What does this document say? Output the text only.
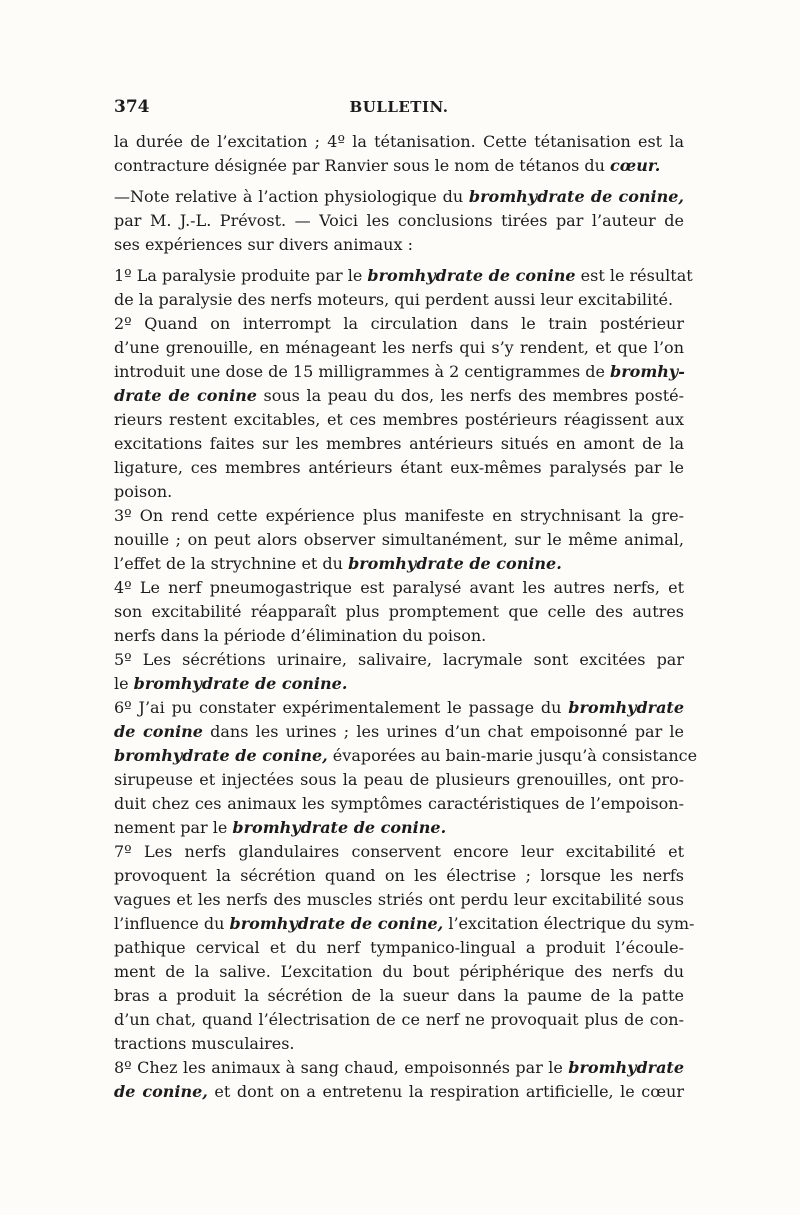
374	BULLETIN.
la durée de l’excitation ; 4º la tétanisation. Cette tétanisation est la
contracture désignée par Ranvier sous le nom de tétanos du cœur.
—Note relative à l’action physiologique du bromhydrate de conine,
par M. J.-L. Prévost. — Voici les conclusions tirées par l’auteur de
ses expériences sur divers animaux :
1º La paralysie produite par le bromhydrate de conine est le résultat
de la paralysie des nerfs moteurs, qui perdent aussi leur excitabilité.
2º Quand on interrompt la circulation dans le train postérieur
d’une grenouille, en ménageant les nerfs qui s’y rendent, et que l’on
introduit une dose de 15 milligrammes à 2 centigrammes de bromhy-
drate de conine sous la peau du dos, les nerfs des membres posté-
rieurs restent excitables, et ces membres postérieurs réagissent aux
excitations faites sur les membres antérieurs situés en amont de la
ligature, ces membres antérieurs étant eux-mêmes paralysés par le
poison.
3º On rend cette expérience plus manifeste en strychnisant la gre-
nouille ; on peut alors observer simultanément, sur le même animal,
l’effet de la strychnine et du bromhydrate de conine.
4º Le nerf pneumogastrique est paralysé avant les autres nerfs, et
son excitabilité réapparaît plus promptement que celle des autres
nerfs dans la période d’élimination du poison.
5º Les sécrétions urinaire, salivaire, lacrymale sont excitées par
le bromhydrate de conine.
6º J’ai pu constater expérimentalement le passage du bromhydrate
de conine dans les urines ; les urines d’un chat empoisonné par le
bromhydrate de conine, évaporées au bain-marie jusqu’à consistance
sirupeuse et injectées sous la peau de plusieurs grenouilles, ont pro-
duit chez ces animaux les symptômes caractéristiques de l’empoison-
nement par le bromhydrate de conine.
7º Les nerfs glandulaires conservent encore leur excitabilité et
provoquent la sécrétion quand on les électrise ; lorsque les nerfs
vagues et les nerfs des muscles striés ont perdu leur excitabilité sous
l’influence du bromhydrate de conine, l’excitation électrique du sym-
pathique cervical et du nerf tympanico-lingual a produit l’écoule-
ment de la salive. L’excitation du bout périphérique des nerfs du
bras a produit la sécrétion de la sueur dans la paume de la patte
d’un chat, quand l’électrisation de ce nerf ne provoquait plus de con-
tractions musculaires.
8º Chez les animaux à sang chaud, empoisonnés par le bromhydrate
de conine, et dont on a entretenu la respiration artificielle, le cœur
